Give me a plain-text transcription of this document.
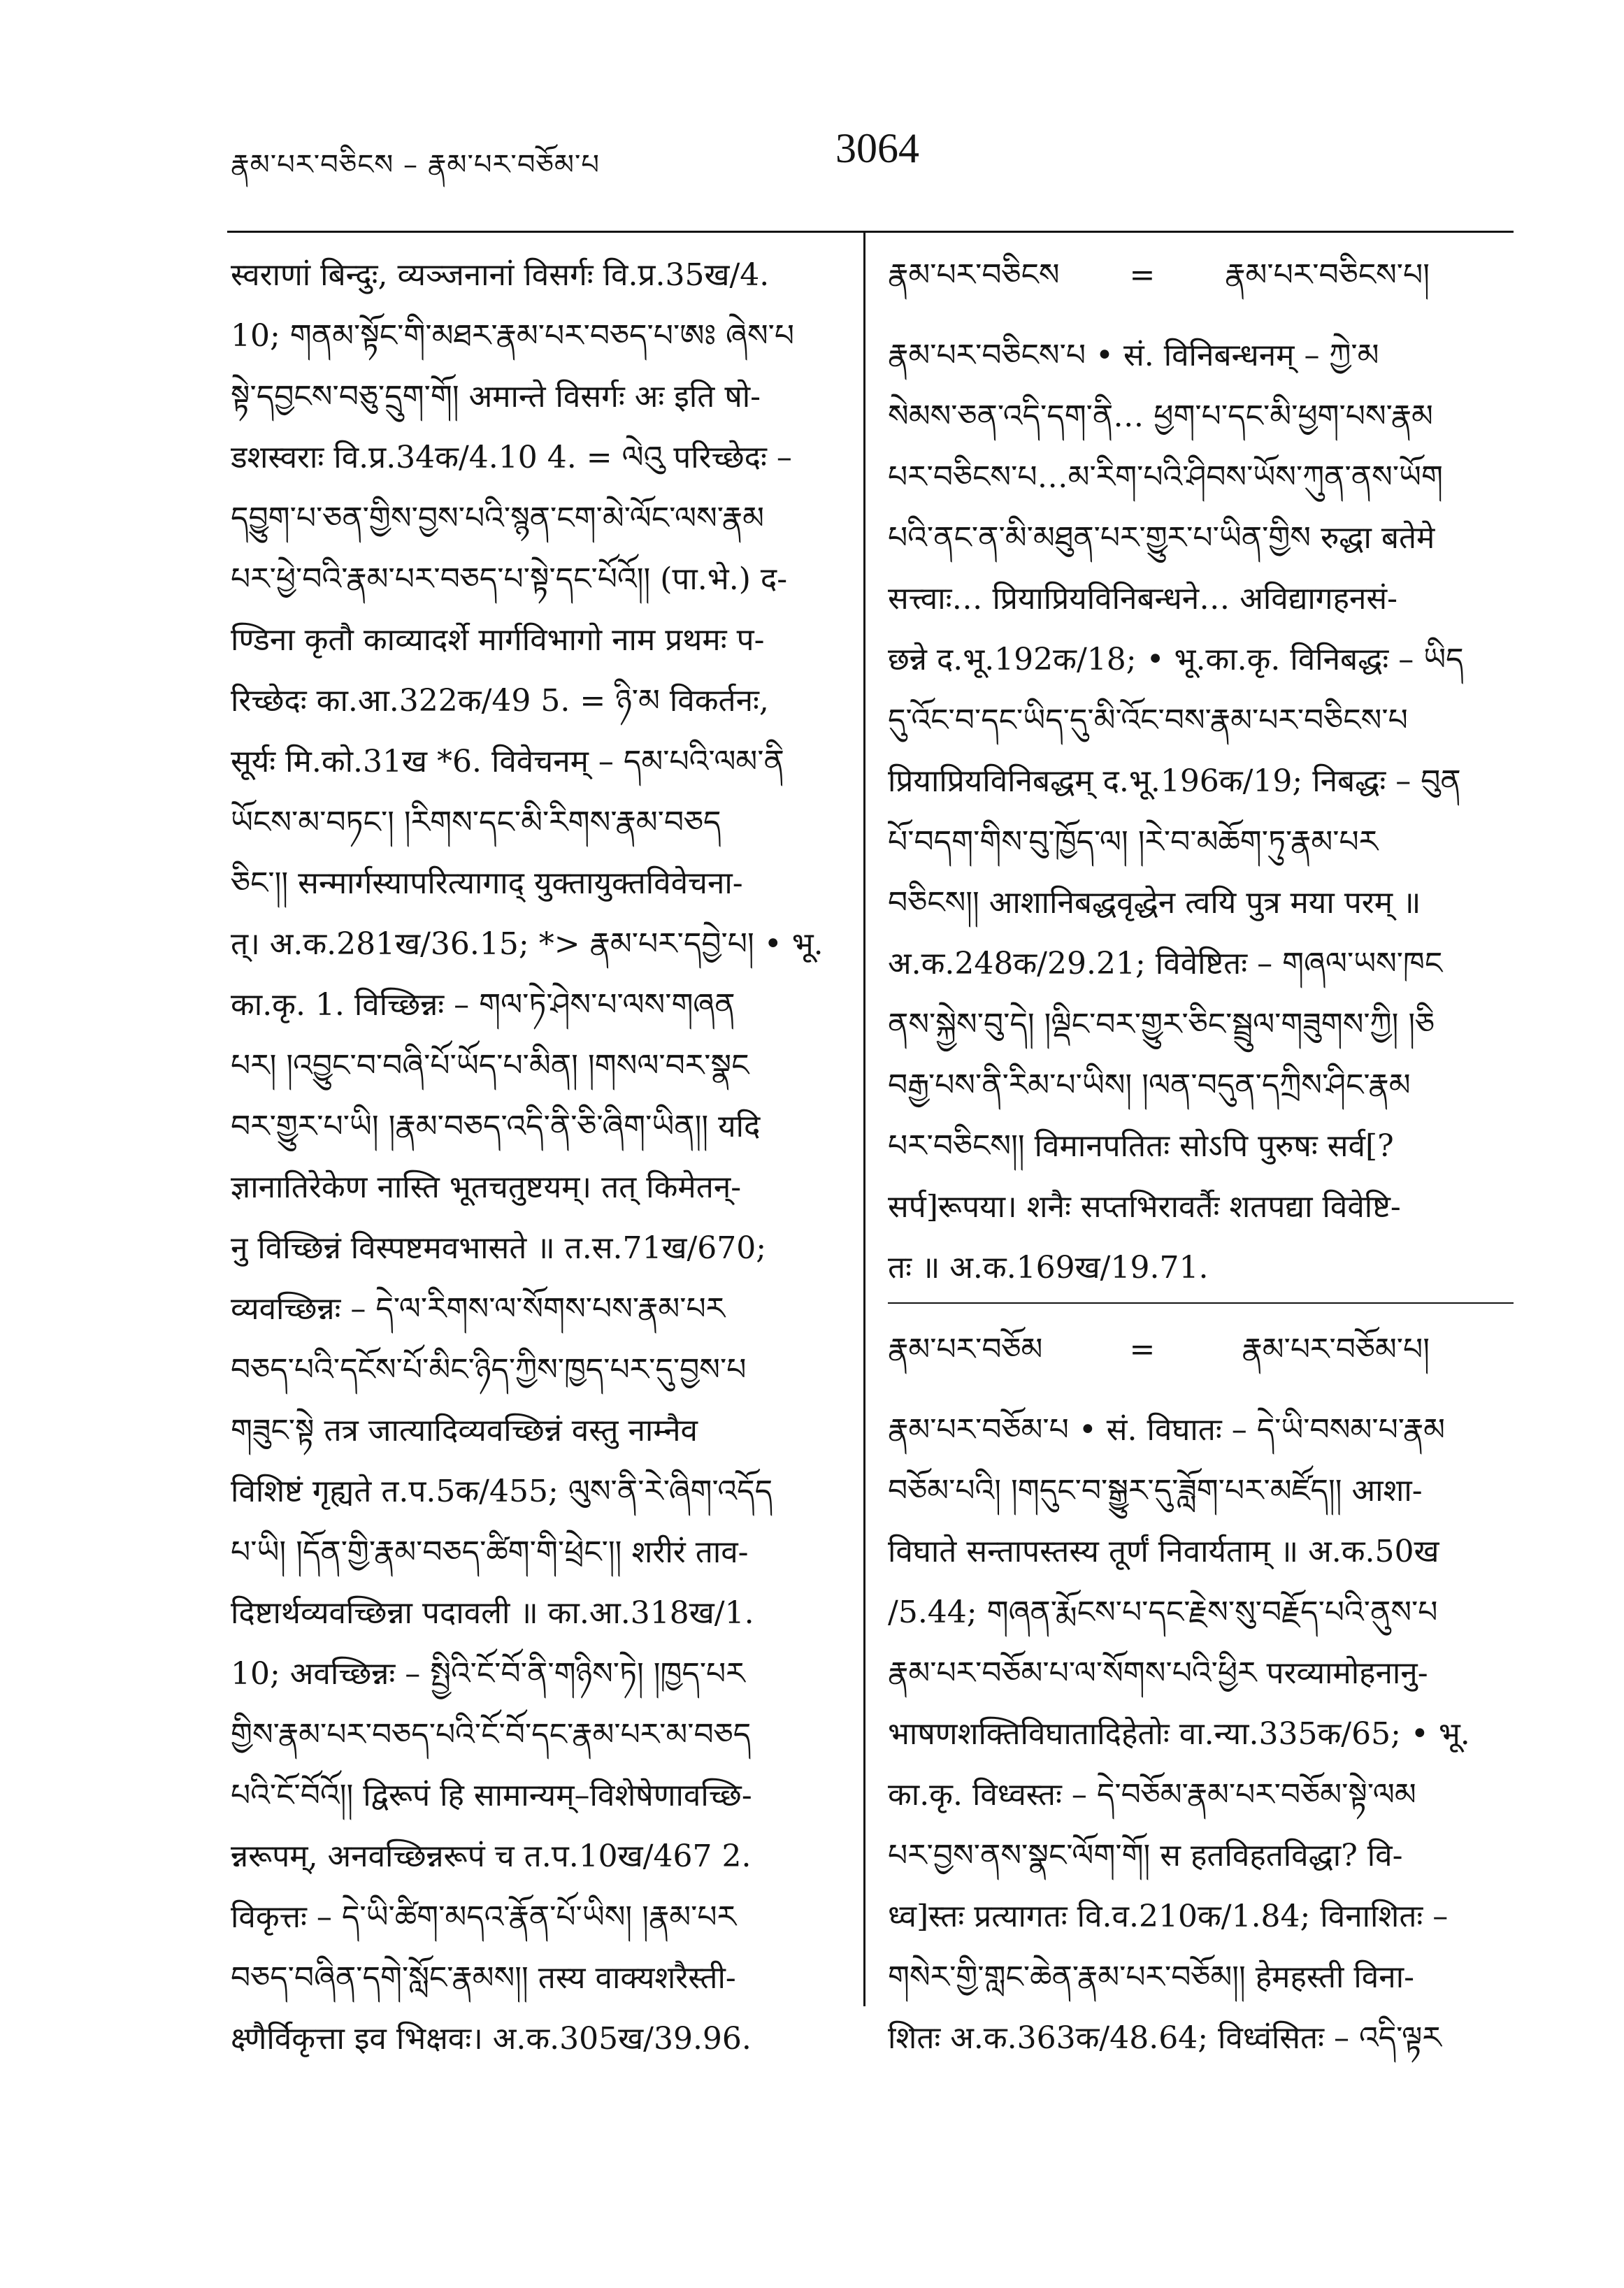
རྣམ་པར་བཅིངས – རྣམ་པར་བཅོམ་པ	3064
स्वराणां बिन्दुः, व्यञ्जनानां विसर्गः वि.प्र.35ख/4.
10; གནམ་སྟོང་གི་མཐར་རྣམ་པར་བཅད་པ་ཨཿ ཞེས་པ
སྟེ་དབྱངས་བཅུ་དྲུག་གོ། अमान्ते विसर्गः अः इति षो-
डशस्वराः वि.प्र.34क/4.10 4. = ལེའུ परिच्छेदः –
དབྱུག་པ་ཅན་གྱིས་བྱས་པའི་སྙན་ངག་མེ་ལོང་ལས་རྣམ
པར་ཕྱེ་བའི་རྣམ་པར་བཅད་པ་སྟེ་དང་པོའོ།། (पा.भे.) द-
ण्डिना कृतौ काव्यादर्शे मार्गविभागो नाम प्रथमः प-
रिच्छेदः का.आ.322क/49 5. = ཉི་མ विकर्तनः,
सूर्यः मि.को.31ख *6. विवेचनम् – དམ་པའི་ལམ་ནི
ཡོངས་མ་བཏང་། །རིགས་དང་མི་རིགས་རྣམ་བཅད
ཅིང་།། सन्मार्गस्यापरित्यागाद् युक्तायुक्तविवेचना-
त्। अ.क.281ख/36.15; *> རྣམ་པར་དབྱེ་པ། • भू.
का.कृ. 1. विच्छिन्नः – གལ་ཏེ་ཤེས་པ་ལས་གཞན
པར། །འབྱུང་བ་བཞི་པོ་ཡོད་པ་མིན། །གསལ་བར་སྣང
བར་གྱུར་པ་ཡི། །རྣམ་བཅད་འདི་ནི་ཅི་ཞིག་ཡིན།། यदि
ज्ञानातिरेकेण नास्ति भूतचतुष्टयम्। तत् किमेतन्-
नु विच्छिन्नं विस्पष्टमवभासते ॥ त.स.71ख/670;
व्यवच्छिन्नः – དེ་ལ་རིགས་ལ་སོགས་པས་རྣམ་པར
བཅད་པའི་དངོས་པོ་མིང་ཉིད་ཀྱིས་ཁྱད་པར་དུ་བྱས་པ
གཟུང་སྟེ तत्र जात्यादिव्यवच्छिन्नं वस्तु नाम्नैव
विशिष्टं गृह्यते त.प.5क/455; ལུས་ནི་རེ་ཞིག་འདོད
པ་ཡི། །དོན་གྱི་རྣམ་བཅད་ཚིག་གི་ཕྲེང་།། शरीरं ताव-
दिष्टार्थव्यवच्छिन्ना पदावली ॥ का.आ.318ख/1.
10; अवच्छिन्नः – སྤྱིའི་ངོ་བོ་ནི་གཉིས་ཏེ། །ཁྱད་པར
གྱིས་རྣམ་པར་བཅད་པའི་ངོ་བོ་དང་རྣམ་པར་མ་བཅད
པའི་ངོ་བོའོ།། द्विरूपं हि सामान्यम्–विशेषेणावच्छि-
न्नरूपम्, अनवच्छिन्नरूपं च त.प.10ख/467 2.
विकृत्तः – དེ་ཡི་ཚིག་མདའ་རྣོན་པོ་ཡིས། །རྣམ་པར
བཅད་བཞིན་དགེ་སློང་རྣམས།། तस्य वाक्यशरैस्ती-
क्ष्णैर्विकृत्ता इव भिक्षवः। अ.क.305ख/39.96.
རྣམ་པར་བཅིངས = རྣམ་པར་བཅིངས་པ།
རྣམ་པར་བཅིངས་པ • सं. विनिबन्धनम् – ཀྱེ་མ
སེམས་ཅན་འདི་དག་ནི… ཕྱག་པ་དང་མི་ཕྱག་པས་རྣམ
པར་བཅིངས་པ…མ་རིག་པའི་ཤིབས་ཡོས་ཀུན་ནས་ཡོག
པའི་ནང་ན་མི་མཐུན་པར་གྱུར་པ་ཡིན་གྱིས रुद्धा बतेमे
सत्त्वाः… प्रियाप्रियविनिबन्धने… अविद्यागहनसं-
छन्ने द.भू.192क/18; • भू.का.कृ. विनिबद्धः – ཡིད
དུ་འོང་བ་དང་ཡིད་དུ་མི་འོང་བས་རྣམ་པར་བཅིངས་པ
प्रियाप्रियविनिबद्धम् द.भू.196क/19; निबद्धः – བུན
པོ་བདག་གིས་བུ་ཁྱོད་ལ། །རེ་བ་མཆོག་ཏུ་རྣམ་པར
བཅིངས།། आशानिबद्धवृद्धेन त्वयि पुत्र मया परम् ॥
अ.क.248क/29.21; विवेष्टितः – གཞལ་ཡས་ཁང
ནས་སྐྱེས་བུ་དེ། །ལྡིང་བར་གྱུར་ཅིང་སྦྲུལ་གཟུགས་ཀྱི། །ཅི
བརྒྱ་པས་ནི་རིམ་པ་ཡིས། །ལན་བདུན་དཀྲིས་ཤིང་རྣམ
པར་བཅིངས།། विमानपतितः सोऽपि पुरुषः सर्व[?
सर्प]रूपया। शनैः सप्तभिरावर्तैः शतपद्या विवेष्टि-
तः ॥ अ.क.169ख/19.71.
རྣམ་པར་བཅོམ	=	རྣམ་པར་བཅོམ་པ།
རྣམ་པར་བཅོམ་པ • सं. विघातः – དེ་ཡི་བསམ་པ་རྣམ
བཅོམ་པའི། །གདུང་བ་སྒྱུར་དུ་ཟློག་པར་མཛོད།། आशा-
विघाते सन्तापस्तस्य तूर्णं निवार्यताम् ॥ अ.क.50ख
/5.44; གཞན་རྨོངས་པ་དང་རྗེས་སུ་བརྗོད་པའི་ནུས་པ
རྣམ་པར་བཅོམ་པ་ལ་སོགས་པའི་ཕྱིར परव्यामोहनानु-
भाषणशक्तिविघातादिहेतोः वा.न्या.335क/65; • भू.
का.कृ. विध्वस्तः – དེ་བཅོམ་རྣམ་པར་བཅོམ་སྟེ་ལམ
པར་བྱས་ནས་སྣང་ལོག་གོ། स हतविहतविद्धा? वि-
ध्व]स्तः प्रत्यागतः वि.व.210क/1.84; विनाशितः –
གསེར་གྱི་གླང་ཆེན་རྣམ་པར་བཅོམ།། हेमहस्ती विना-
शितः अ.क.363क/48.64; विध्वंसितः – འདི་ལྟར
